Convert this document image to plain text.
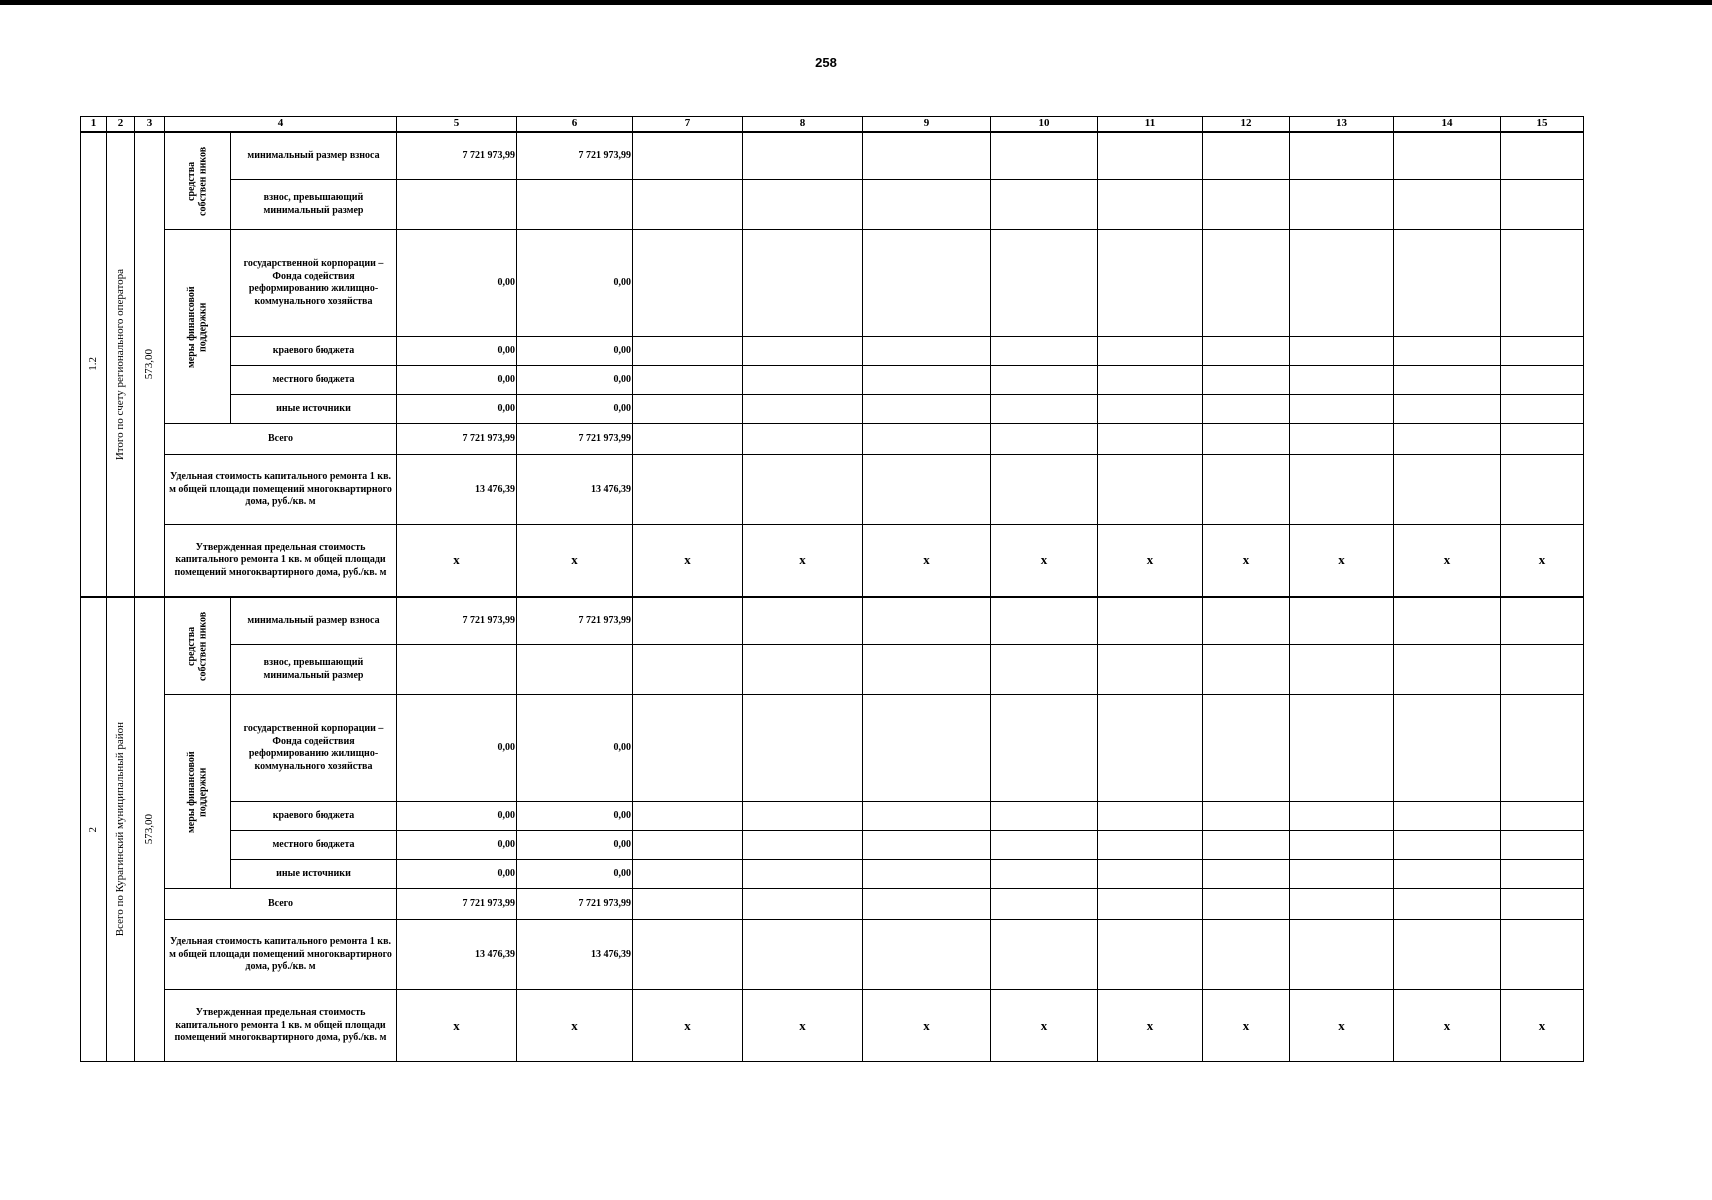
258
1	2	3	4		5	6	7	8	9	10	11	12	13	14	15

1.2	Итого по счету регионального оператора	573,00	средства собствен ников	минимальный размер взноса	7 721 973,99	7 721 973,99									
				взнос, превышающий минимальный размер											

			меры финансовой поддержки	государственной корпорации – Фонда содействия реформированию жилищно-коммунального хозяйства	0,00	0,00									
				краевого бюджета	0,00	0,00									
				местного бюджета	0,00	0,00									
				иные источники	0,00	0,00									
			Всего		7 721 973,99	7 721 973,99									
			Удельная стоимость капитального ремонта 1 кв. м общей площади помещений многоквартирного дома, руб./кв. м		13 476,39	13 476,39									
			Утвержденная предельная стоимость капитального ремонта 1 кв. м общей площади помещений многоквартирного дома, руб./кв. м		x	x	x	x	x	x	x	x	x	x	x

2	Всего по Курагинский муниципальный район	573,00	средства собствен ников	минимальный размер взноса	7 721 973,99	7 721 973,99									
				взнос, превышающий минимальный размер											

			меры финансовой поддержки	государственной корпорации – Фонда содействия реформированию жилищно-коммунального хозяйства	0,00	0,00									
				краевого бюджета	0,00	0,00									
				местного бюджета	0,00	0,00									
				иные источники	0,00	0,00									
			Всего		7 721 973,99	7 721 973,99									
			Удельная стоимость капитального ремонта 1 кв. м общей площади помещений многоквартирного дома, руб./кв. м		13 476,39	13 476,39									
			Утвержденная предельная стоимость капитального ремонта 1 кв. м общей площади помещений многоквартирного дома, руб./кв. м		x	x	x	x	x	x	x	x	x	x	x
